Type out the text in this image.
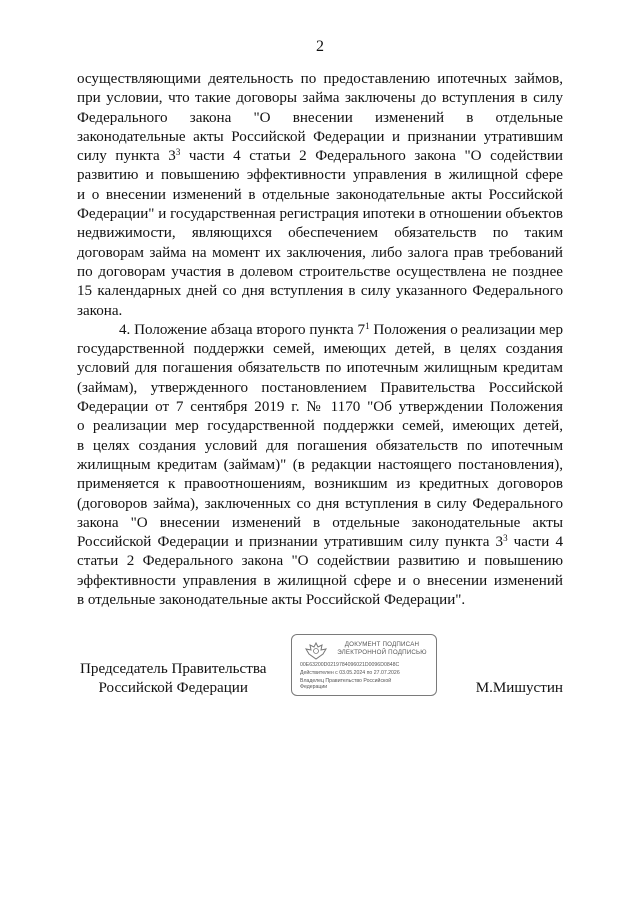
2
осуществляющими деятельность по предоставлению ипотечных займов,
при условии, что такие договоры займа заключены до вступления в силу
Федерального закона "О внесении изменений в отдельные
законодательные акты Российской Федерации и признании утратившим
силу пункта $3^3$ части 4 статьи 2 Федерального закона "О содействии
развитию и повышению эффективности управления в жилищной сфере
и о внесении изменений в отдельные законодательные акты Российской
Федерации" и государственная регистрация ипотеки в отношении объектов
недвижимости, являющихся обеспечением обязательств по таким
договорам займа на момент их заключения, либо залога прав требований
по договорам участия в долевом строительстве осуществлена не позднее
15 календарных дней со дня вступления в силу указанного Федерального
закона.
4. Положение абзаца второго пункта $7^1$ Положения о реализации мер
государственной поддержки семей, имеющих детей, в целях создания
условий для погашения обязательств по ипотечным жилищным кредитам
(займам), утвержденного постановлением Правительства Российской
Федерации от 7 сентября 2019 г. № 1170 "Об утверждении Положения
о реализации мер государственной поддержки семей, имеющих детей,
в целях создания условий для погашения обязательств по ипотечным
жилищным кредитам (займам)" (в редакции настоящего постановления),
применяется к правоотношениям, возникшим из кредитных договоров
(договоров займа), заключенных со дня вступления в силу Федерального
закона "О внесении изменений в отдельные законодательные акты
Российской Федерации и признании утратившим силу пункта $3^3$ части 4
статьи 2 Федерального закона "О содействии развитию и повышению
эффективности управления в жилищной сфере и о внесении изменений
в отдельные законодательные акты Российской Федерации".
Председатель Правительства
Российской Федерации
ДОКУМЕНТ ПОДПИСАН
ЭЛЕКТРОННОЙ ПОДПИСЬЮ
00E63200D0219784096021D0096D0848C
Действителен с 03.05.2024 по 27.07.2026
Владелец Правительство Российской
Федерации	М.Мишустин
